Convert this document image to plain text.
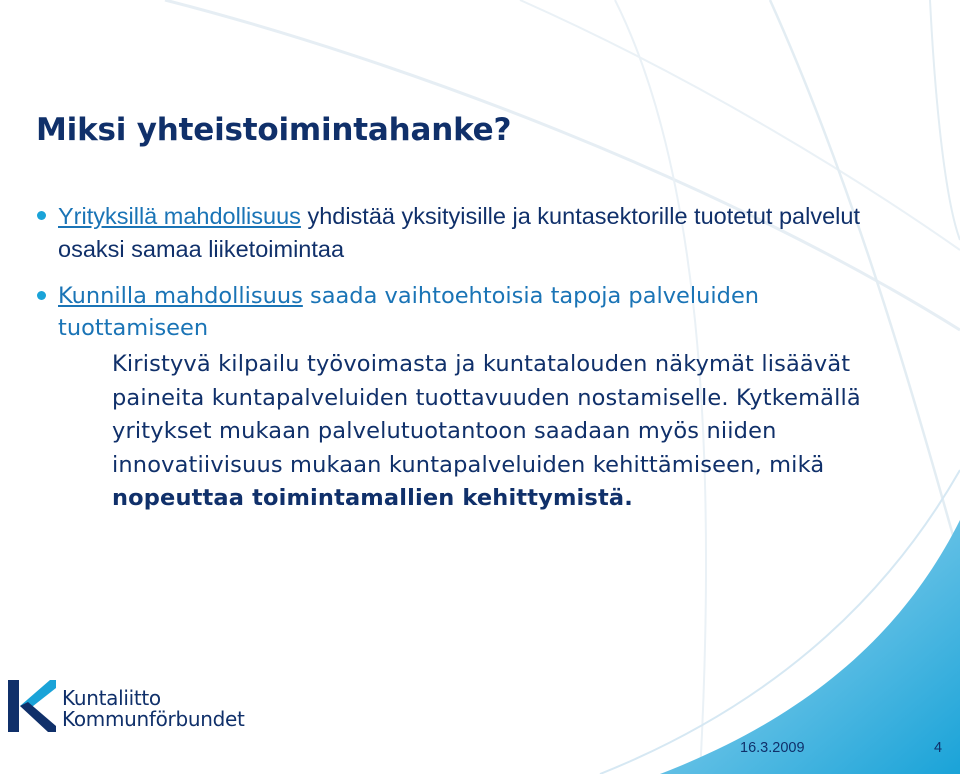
Miksi yhteistoimintahanke?
Yrityksillä mahdollisuus yhdistää yksityisille ja kuntasektorille tuotetut palvelut osaksi samaa liiketoimintaa
Kunnilla mahdollisuus saada vaihtoehtoisia tapoja palveluiden tuottamiseen
Kiristyvä kilpailu työvoimasta ja kuntatalouden näkymät lisäävät paineita kuntapalveluiden tuottavuuden nostamiselle. Kytkemällä yritykset mukaan palvelutuotantoon saadaan myös niiden innovatiivisuus mukaan kuntapalveluiden kehittämiseen, mikä nopeuttaa toimintamallien kehittymistä.
Kuntaliitto
Kommunförbundet
16.3.2009	4
